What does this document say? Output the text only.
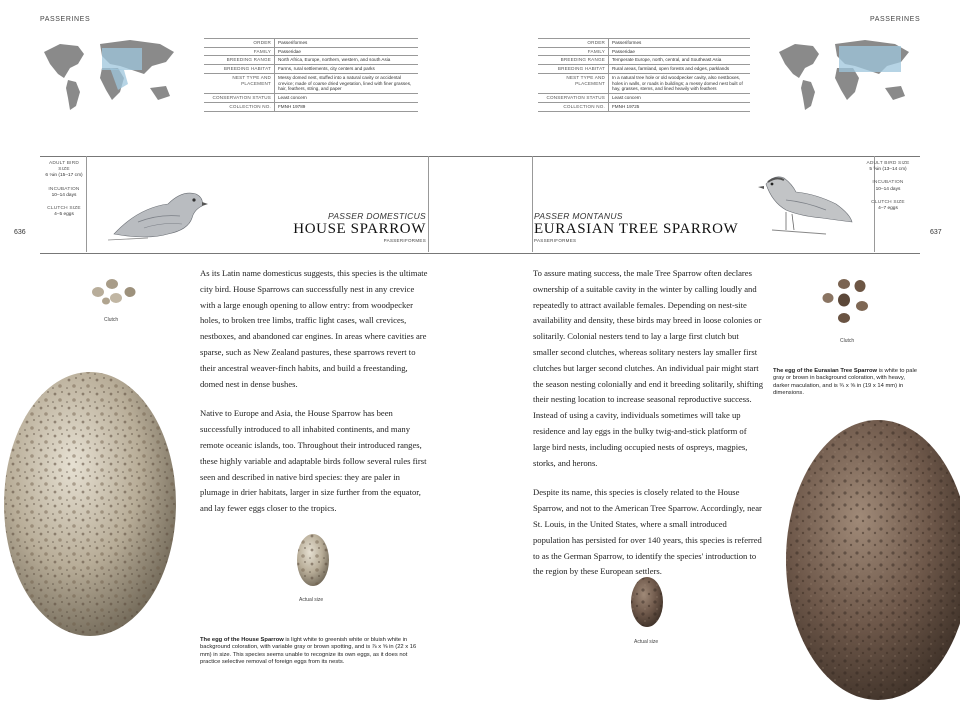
PASSERINES
ORDER	Passeriformes
FAMILY	Passeridae
BREEDING RANGE	North Africa, Europe, northern, western, and south Asia
BREEDING HABITAT	Farms, rural settlements, city centers and parks
NEST TYPE AND PLACEMENT	Messy domed nest, stuffed into a natural cavity or accidental crevice; made of coarse dried vegetation, lined with finer grasses, hair, feathers, string, and paper
CONSERVATION STATUS	Least concern
COLLECTION NO.	FMNH 19789
ADULT BIRD SIZE
6 ⅛in (15–17 cm)
INCUBATION
10–14 days
CLUTCH SIZE
4–5 eggs
636
PASSER DOMESTICUS
HOUSE SPARROW
PASSERIFORMES
Clutch
Actual size

As its Latin name domesticus suggests, this species is the ultimate city bird. House Sparrows can successfully nest in any crevice with a large enough opening to allow entry: from woodpecker holes, to broken tree limbs, traffic light cases, wall crevices, nestboxes, and abandoned car engines. In areas where cavities are sparse, such as New Zealand pastures, these sparrows revert to their ancestral weaver-finch habits, and build a freestanding, domed nest in dense bushes.

Native to Europe and Asia, the House Sparrow has been successfully introduced to all inhabited continents, and many remote oceanic islands, too. Throughout their introduced ranges, these highly variable and adaptable birds follow several rules first seen and described in native bird species: they are paler in plumage in drier habitats, larger in size further from the equator, and lay fewer eggs closer to the tropics.

The egg of the House Sparrow is light white to greenish white or bluish white in background coloration, with variable gray or brown spotting, and is ⅞ x ⅝ in (22 x 16 mm) in size. This species seems unable to recognize its own eggs, as it does not practice selective removal of foreign eggs from its nests.
PASSERINES
ORDER	Passeriformes
FAMILY	Passeridae
BREEDING RANGE	Temperate Europe, north, central, and Southeast Asia
BREEDING HABITAT	Rural areas, farmland, open forests and edges, parklands
NEST TYPE AND PLACEMENT	In a natural tree hole or old woodpecker cavity, also nestboxes, holes in walls, or roads in buildings; a messy domed nest built of hay, grasses, stems, and lined heavily with feathers
CONSERVATION STATUS	Least concern
COLLECTION NO.	FMNH 19725
ADULT BIRD SIZE
5 ⅝in (13–14 cm)
INCUBATION
10–14 days
CLUTCH SIZE
4–7 eggs
637
PASSER MONTANUS
EURASIAN TREE SPARROW
PASSERIFORMES
Clutch
The egg of the Eurasian Tree Sparrow is white to pale gray or brown in background coloration, with heavy, darker maculation, and is ¾ x ⅝ in (19 x 14 mm) in dimensions.
Actual size

To assure mating success, the male Tree Sparrow often declares ownership of a suitable cavity in the winter by calling loudly and repeatedly to attract available females. Depending on nest-site availability and density, these birds may breed in loose colonies or solitarily. Colonial nesters tend to lay a large first clutch but smaller second clutches, whereas solitary nesters lay smaller first clutches but larger second clutches. An individual pair might start the season nesting colonially and end it breeding solitarily, shifting their nesting location to increase seasonal reproductive success. Instead of using a cavity, individuals sometimes will take up residence and lay eggs in the bulky twig-and-stick platform of large bird nests, including occupied nests of ospreys, magpies, storks, and herons.

Despite its name, this species is closely related to the House Sparrow, and not to the American Tree Sparrow. Accordingly, near St. Louis, in the United States, where a small introduced population has persisted for over 140 years, this species is referred to as the German Sparrow, to identify the species' introduction to the region by these European settlers.
